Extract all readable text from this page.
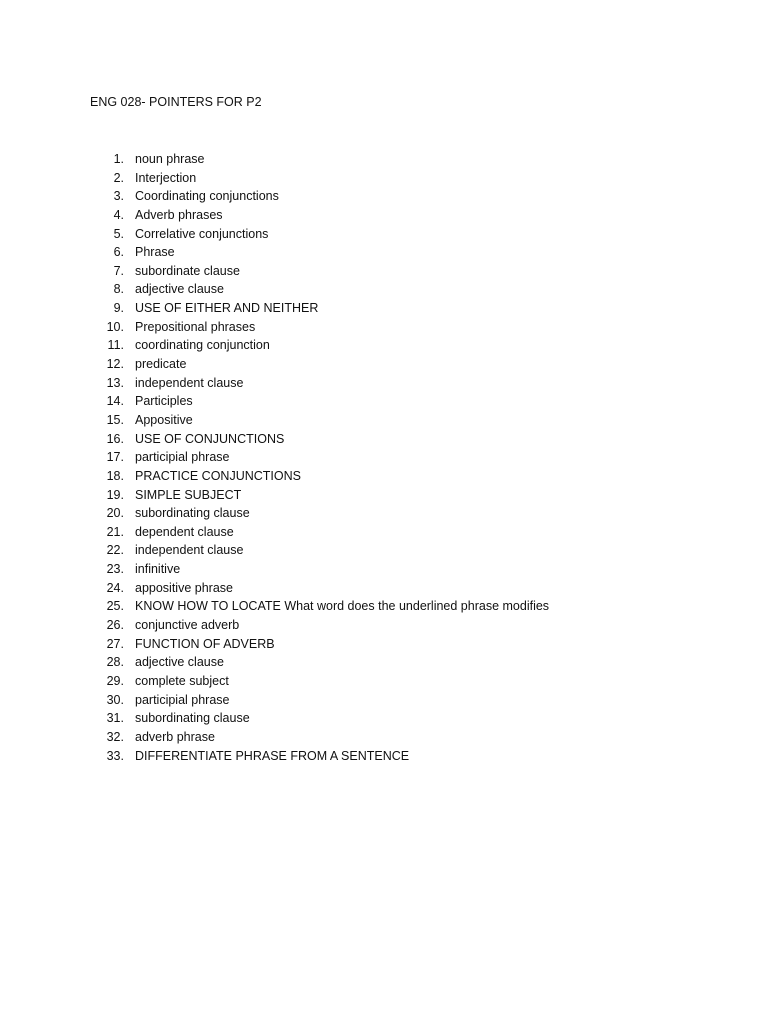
ENG 028- POINTERS FOR P2
1. noun phrase
2. Interjection
3. Coordinating conjunctions
4. Adverb phrases
5. Correlative conjunctions
6. Phrase
7. subordinate clause
8. adjective clause
9. USE OF EITHER AND NEITHER
10. Prepositional phrases
11. coordinating conjunction
12. predicate
13. independent clause
14. Participles
15. Appositive
16. USE OF CONJUNCTIONS
17. participial phrase
18. PRACTICE CONJUNCTIONS
19. SIMPLE SUBJECT
20. subordinating clause
21. dependent clause
22. independent clause
23. infinitive
24. appositive phrase
25. KNOW HOW TO LOCATE What word does the underlined phrase modifies
26. conjunctive adverb
27. FUNCTION OF ADVERB
28. adjective clause
29. complete subject
30. participial phrase
31. subordinating clause
32. adverb phrase
33. DIFFERENTIATE PHRASE FROM A SENTENCE
